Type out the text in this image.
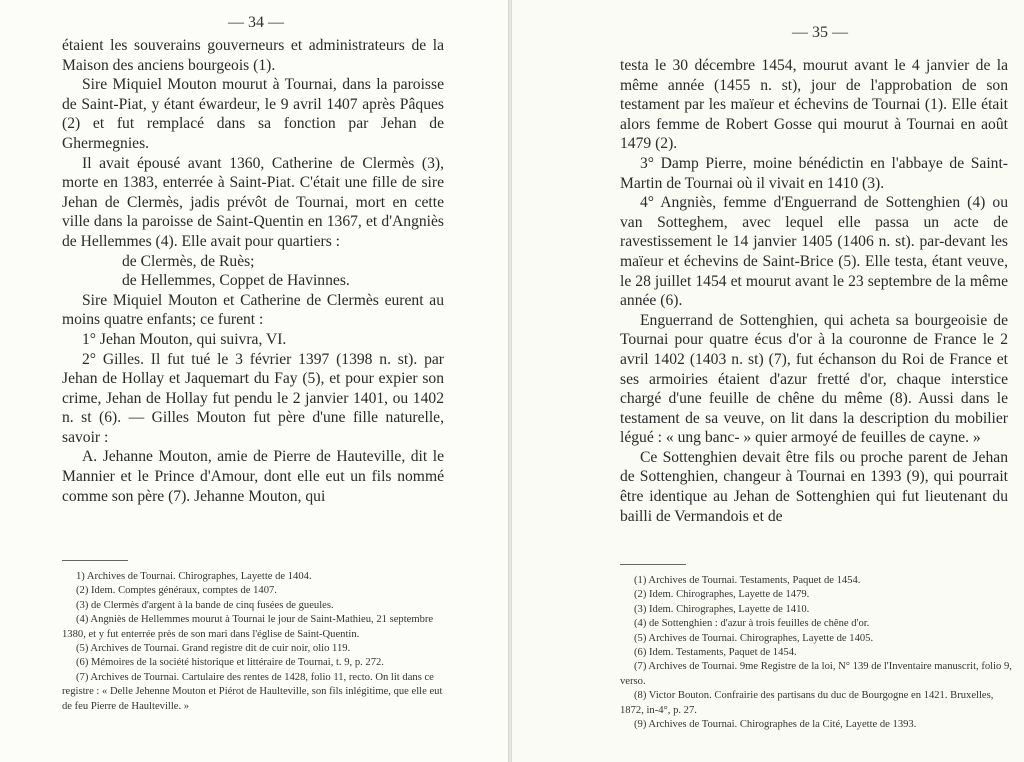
— 34 —

étaient les souverains gouverneurs et administrateurs de la Maison des anciens bourgeois (1).

Sire Miquiel Mouton mourut à Tournai, dans la paroisse de Saint-Piat, y étant éwardeur, le 9 avril 1407 après Pâques (2) et fut remplacé dans sa fonction par Jehan de Ghermegnies.

Il avait épousé avant 1360, Catherine de Clermès (3), morte en 1383, enterrée à Saint-Piat. C'était une fille de sire Jehan de Clermès, jadis prévôt de Tournai, mort en cette ville dans la paroisse de Saint-Quentin en 1367, et d'Angniès de Hellemmes (4). Elle avait pour quartiers :

de Clermès, de Ruès;

de Hellemmes, Coppet de Havinnes.

Sire Miquiel Mouton et Catherine de Clermès eurent au moins quatre enfants; ce furent :

1° Jehan Mouton, qui suivra, VI.

2° Gilles. Il fut tué le 3 février 1397 (1398 n. st). par Jehan de Hollay et Jaquemart du Fay (5), et pour expier son crime, Jehan de Hollay fut pendu le 2 janvier 1401, ou 1402 n. st (6). — Gilles Mouton fut père d'une fille naturelle, savoir :

A. Jehanne Mouton, amie de Pierre de Hauteville, dit le Mannier et le Prince d'Amour, dont elle eut un fils nommé comme son père (7). Jehanne Mouton, qui

1) Archives de Tournai. Chirographes, Layette de 1404.

(2) Idem. Comptes généraux, comptes de 1407.

(3) de Clermès d'argent à la bande de cinq fusées de gueules.

(4) Angniès de Hellemmes mourut à Tournai le jour de Saint-Mathieu, 21 septembre 1380, et y fut enterrée près de son mari dans l'église de Saint-Quentin.

(5) Archives de Tournai. Grand registre dit de cuir noir, olio 119.

(6) Mémoires de la société historique et littéraire de Tournai, t. 9, p. 272.

(7) Archives de Tournai. Cartulaire des rentes de 1428, folio 11, recto. On lit dans ce registre : « Delle Jehenne Mouton et Piérot de Haulteville, son fils inlégitime, que elle eut de feu Pierre de Haulteville. »

— 35 —

testa le 30 décembre 1454, mourut avant le 4 janvier de la même année (1455 n. st), jour de l'approbation de son testament par les maïeur et échevins de Tournai (1). Elle était alors femme de Robert Gosse qui mourut à Tournai en août 1479 (2).

3° Damp Pierre, moine bénédictin en l'abbaye de Saint-Martin de Tournai où il vivait en 1410 (3).

4° Angniès, femme d'Enguerrand de Sottenghien (4) ou van Sotteghem, avec lequel elle passa un acte de ravestissement le 14 janvier 1405 (1406 n. st). par-devant les maïeur et échevins de Saint-Brice (5). Elle testa, étant veuve, le 28 juillet 1454 et mourut avant le 23 septembre de la même année (6).

Enguerrand de Sottenghien, qui acheta sa bourgeoisie de Tournai pour quatre écus d'or à la couronne de France le 2 avril 1402 (1403 n. st) (7), fut échanson du Roi de France et ses armoiries étaient d'azur fretté d'or, chaque interstice chargé d'une feuille de chêne du même (8). Aussi dans le testament de sa veuve, on lit dans la description du mobilier légué : « ung banc- » quier armoyé de feuilles de cayne. »

Ce Sottenghien devait être fils ou proche parent de Jehan de Sottenghien, changeur à Tournai en 1393 (9), qui pourrait être identique au Jehan de Sottenghien qui fut lieutenant du bailli de Vermandois et de

(1) Archives de Tournai. Testaments, Paquet de 1454.

(2) Idem. Chirographes, Layette de 1479.

(3) Idem. Chirographes, Layette de 1410.

(4) de Sottenghien : d'azur à trois feuilles de chêne d'or.

(5) Archives de Tournai. Chirographes, Layette de 1405.

(6) Idem. Testaments, Paquet de 1454.

(7) Archives de Tournai. 9me Registre de la loi, N° 139 de l'Inventaire manuscrit, folio 9, verso.

(8) Victor Bouton. Confrairie des partisans du duc de Bourgogne en 1421. Bruxelles, 1872, in-4°, p. 27.

(9) Archives de Tournai. Chirographes de la Cité, Layette de 1393.
